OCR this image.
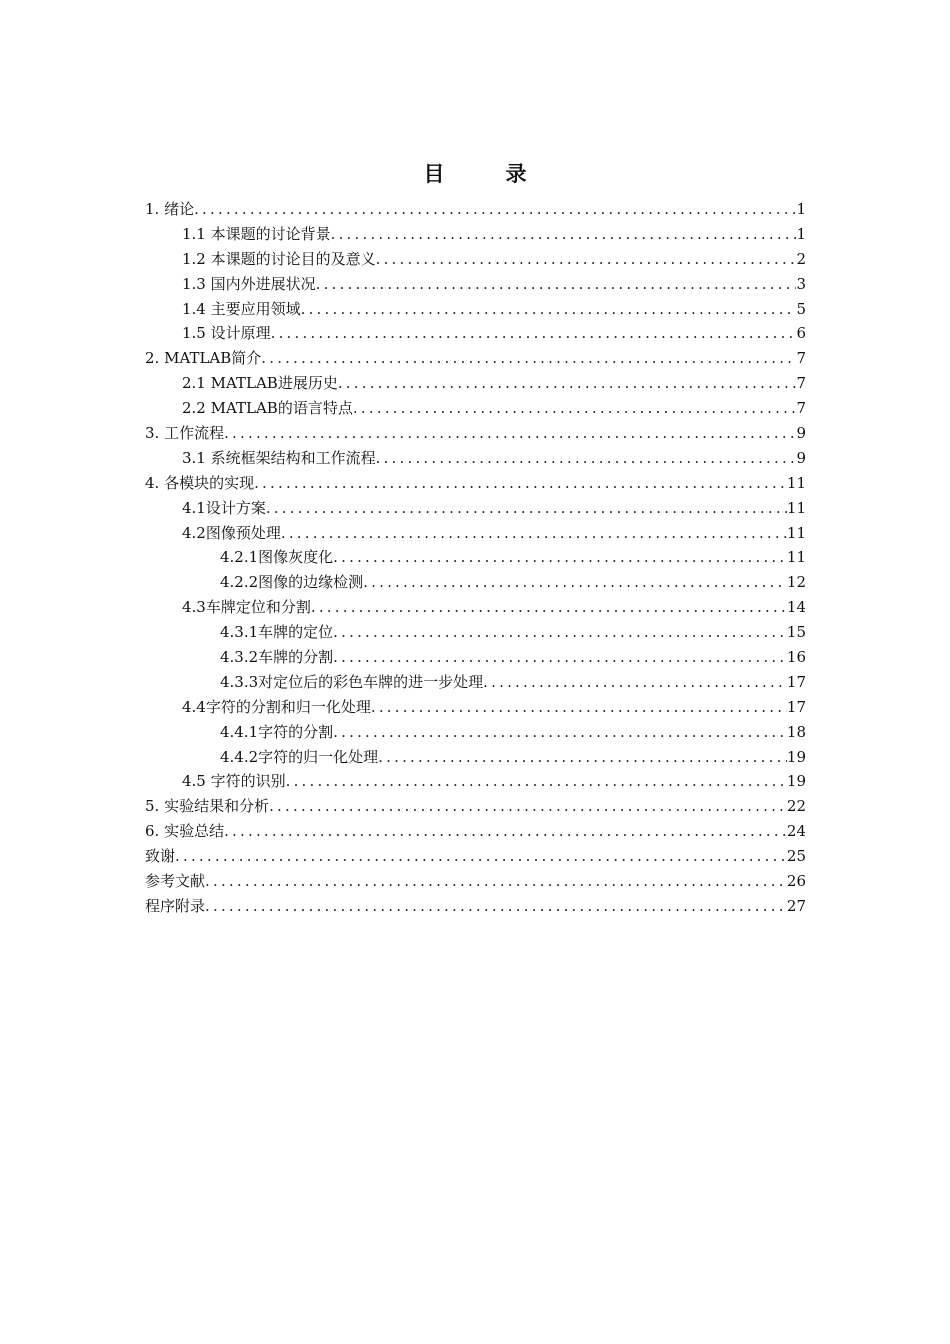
目　录
1. 绪论 .....	1
1.1 本课题的讨论背景 .....	1
1.2 本课题的讨论目的及意义 .....	2
1.3 国内外进展状况 .....	3
1.4 主要应用领域 .....	5
1.5 设计原理 .....	6
2. MATLAB简介 .....	7
2.1 MATLAB进展历史 .....	7
2.2 MATLAB的语言特点 .....	7
3. 工作流程 .....	9
3.1 系统框架结构和工作流程 .....	9
4. 各模块的实现 .....	11
4.1设计方案 .....	11
4.2图像预处理 .....	11
4.2.1图像灰度化 .....	11
4.2.2图像的边缘检测 .....	12
4.3车牌定位和分割 .....	14
4.3.1车牌的定位 .....	15
4.3.2车牌的分割 .....	16
4.3.3对定位后的彩色车牌的进一步处理 .....	17
4.4字符的分割和归一化处理 .....	17
4.4.1字符的分割 .....	18
4.4.2字符的归一化处理 .....	19
4.5 字符的识别 .....	19
5. 实验结果和分析 .....	22
6. 实验总结 .....	24
致谢 .....	25
参考文献 .....	26
程序附录 .....	27
